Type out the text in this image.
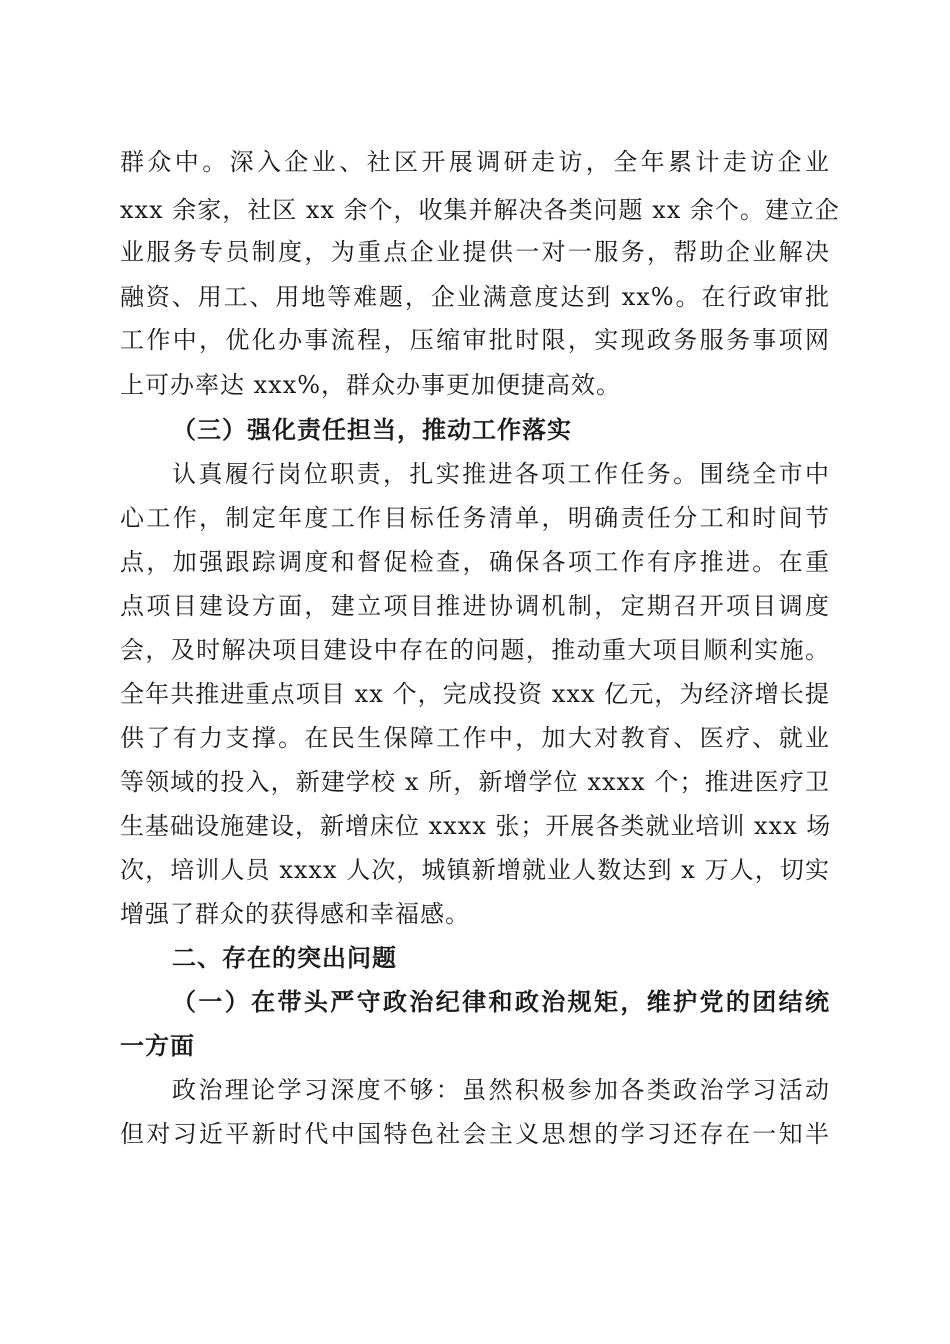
群众中。深入企业、社区开展调研走访，全年累计走访企业
xxx 余家，社区 xx 余个，收集并解决各类问题 xx 余个。建立企
业服务专员制度，为重点企业提供一对一服务，帮助企业解决
融资、用工、用地等难题，企业满意度达到 xx%。在行政审批
工作中，优化办事流程，压缩审批时限，实现政务服务事项网
上可办率达 xxx%，群众办事更加便捷高效。
（三）强化责任担当，推动工作落实
认真履行岗位职责，扎实推进各项工作任务。围绕全市中
心工作，制定年度工作目标任务清单，明确责任分工和时间节
点，加强跟踪调度和督促检查，确保各项工作有序推进。在重
点项目建设方面，建立项目推进协调机制，定期召开项目调度
会，及时解决项目建设中存在的问题，推动重大项目顺利实施。
全年共推进重点项目 xx 个，完成投资 xxx 亿元，为经济增长提
供了有力支撑。在民生保障工作中，加大对教育、医疗、就业
等领域的投入，新建学校 x 所，新增学位 xxxx 个；推进医疗卫
生基础设施建设，新增床位 xxxx 张；开展各类就业培训 xxx 场
次，培训人员 xxxx 人次，城镇新增就业人数达到 x 万人，切实
增强了群众的获得感和幸福感。
二、存在的突出问题
（一）在带头严守政治纪律和政治规矩，维护党的团结统
一方面
政治理论学习深度不够：虽然积极参加各类政治学习活动
但对习近平新时代中国特色社会主义思想的学习还存在一知半
